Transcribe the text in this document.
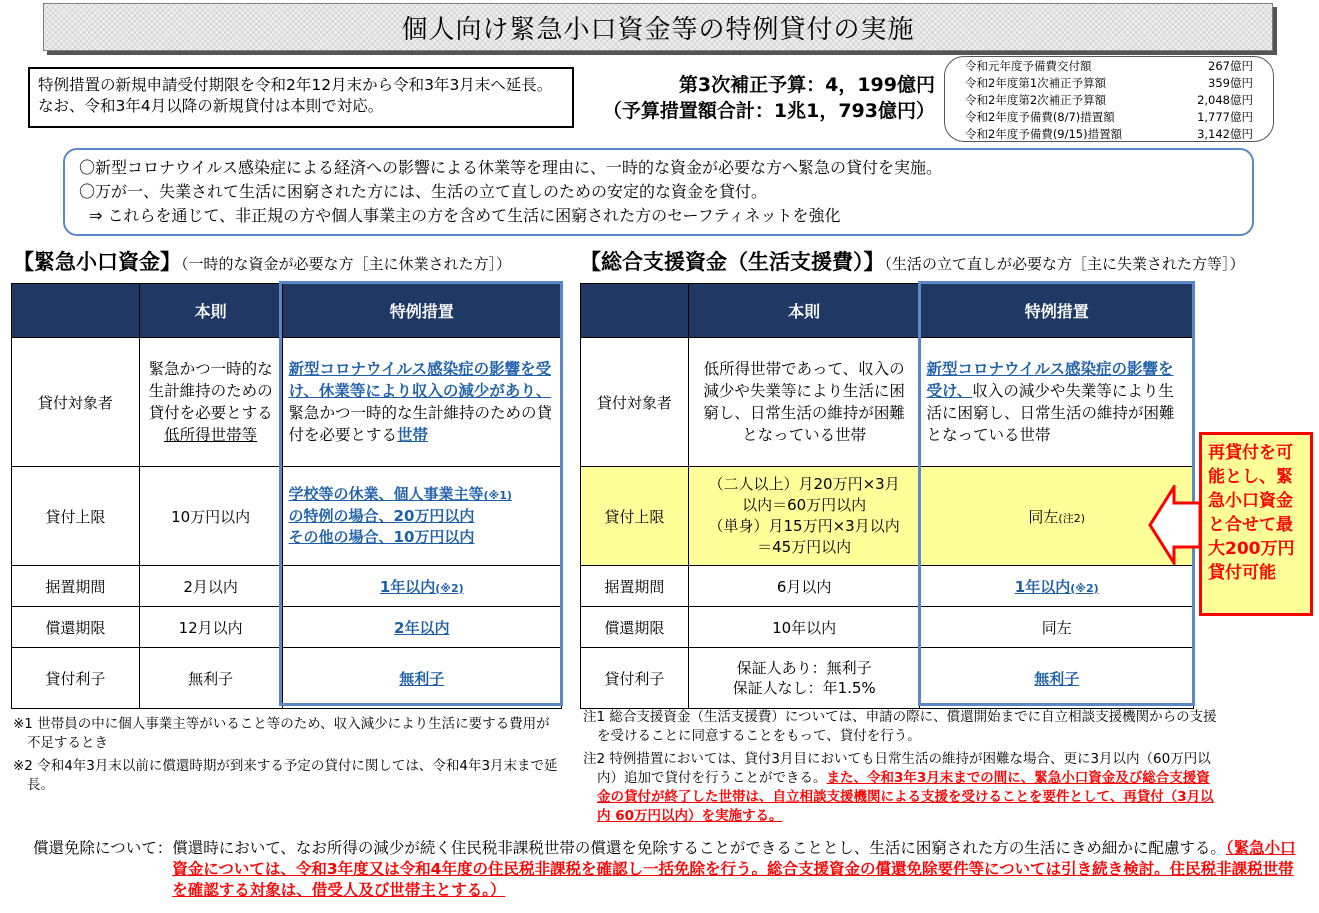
個人向け緊急小口資金等の特例貸付の実施
特例措置の新規申請受付期限を令和2年12月末から令和3年3月末へ延長。なお、令和3年4月以降の新規貸付は本則で対応。
第3次補正予算：4，199億円
（予算措置額合計：1兆1，793億円）
令和元年度予備費交付額	267億円
令和2年度第1次補正予算額	359億円
令和2年度第2次補正予算額	2,048億円
令和2年度予備費(8/7)措置額	1,777億円
令和2年度予備費(9/15)措置額	3,142億円
〇新型コロナウイルス感染症による経済への影響による休業等を理由に、一時的な資金が必要な方へ緊急の貸付を実施。
〇万が一、失業されて生活に困窮された方には、生活の立て直しのための安定的な資金を貸付。
⇒ これらを通じて、非正規の方や個人事業主の方を含めて生活に困窮された方のセーフティネットを強化
【緊急小口資金】（一時的な資金が必要な方［主に休業された方］）	【総合支援資金（生活支援費）】（生活の立て直しが必要な方［主に失業された方等］）
	本則	特例措置
貸付対象者	緊急かつ一時的な生計維持のための貸付を必要とする低所得世帯等	新型コロナウイルス感染症の影響を受け、休業等により収入の減少があり、緊急かつ一時的な生計維持のための貸付を必要とする世帯
貸付上限	10万円以内	学校等の休業、個人事業主等(※1)
の特例の場合、20万円以内
その他の場合、10万円以内

据置期間	2月以内	1年以内(※2)
償還期限	12月以内	2年以内
貸付利子	無利子	無利子
	本則	特例措置
貸付対象者	低所得世帯であって、収入の減少や失業等により生活に困窮し、日常生活の維持が困難となっている世帯	新型コロナウイルス感染症の影響を受け、収入の減少や失業等により生活に困窮し、日常生活の維持が困難となっている世帯
貸付上限	（二人以上）月20万円×3月
以内＝60万円以内
（単身）月15万円×3月以内
＝45万円以内	同左(注2)
据置期間	6月以内	1年以内(※2)
償還期限	10年以内	同左
貸付利子	保証人あり：無利子
保証人なし：年1.5%	無利子
再貸付を可能とし、緊急小口資金と合せて最大200万円貸付可能
※1 世帯員の中に個人事業主等がいること等のため、収入減少により生活に要する費用が不足するとき
※2 令和4年3月末以前に償還時期が到来する予定の貸付に関しては、令和4年3月末まで延長。
注1 総合支援資金（生活支援費）については、申請の際に、償還開始までに自立相談支援機関からの支援を受けることに同意することをもって、貸付を行う。
注2 特例措置においては、貸付3月目においても日常生活の維持が困難な場合、更に3月以内（60万円以内）追加で貸付を行うことができる。また、令和3年3月末までの間に、緊急小口資金及び総合支援資金の貸付が終了した世帯は、自立相談支援機関による支援を受けることを要件として、再貸付（3月以内 60万円以内）を実施する。
償還免除について： 償還時において、なお所得の減少が続く住民税非課税世帯の償還を免除することができることとし、生活に困窮された方の生活にきめ細かに配慮する。（緊急小口資金については、令和3年度又は令和4年度の住民税非課税を確認し一括免除を行う。総合支援資金の償還免除要件等については引き続き検討。住民税非課税世帯を確認する対象は、借受人及び世帯主とする。）
